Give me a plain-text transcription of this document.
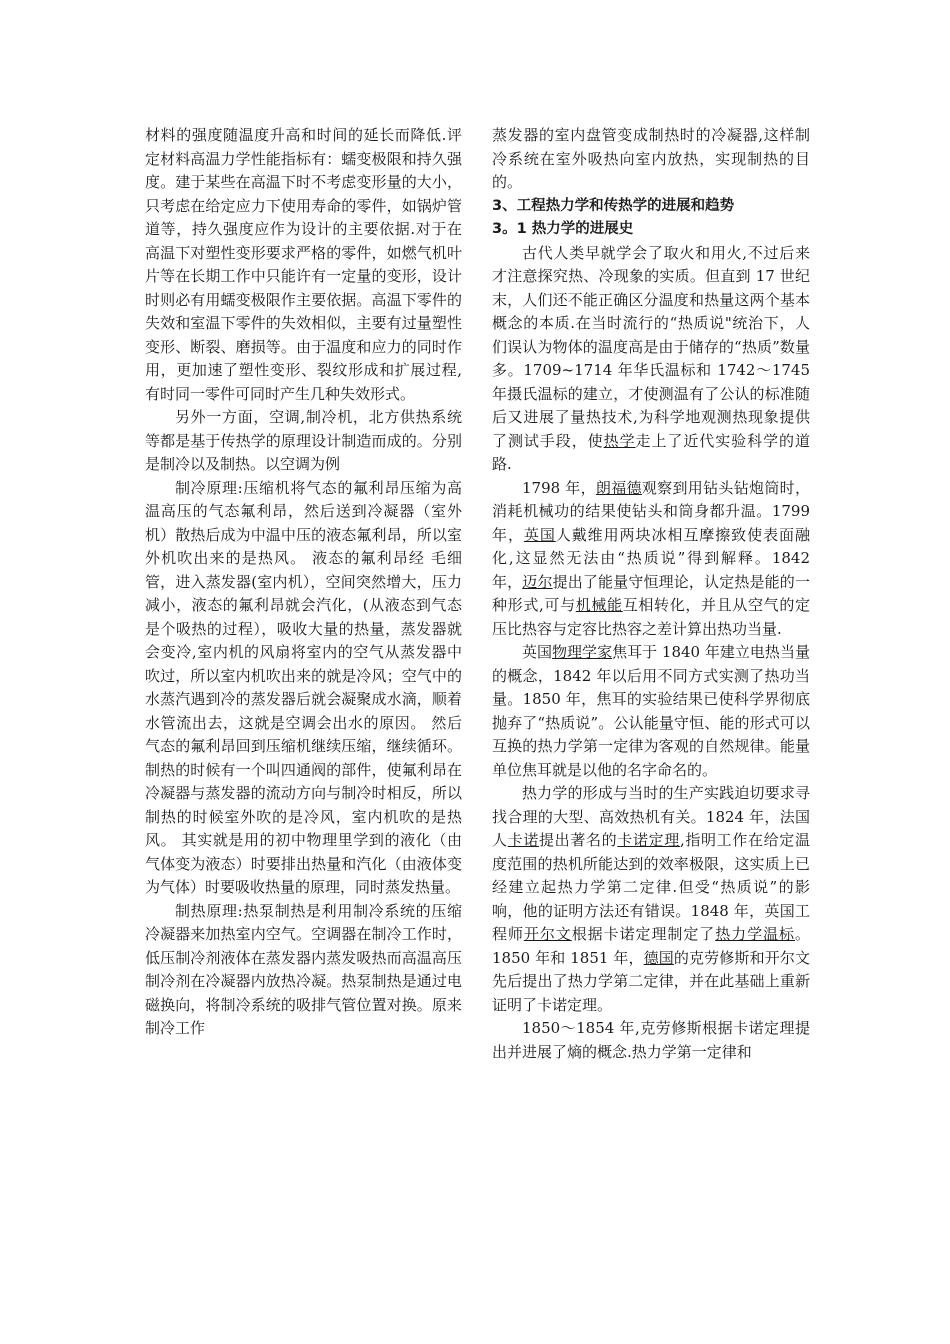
材料的强度随温度升高和时间的延长而降低.评定材料高温力学性能指标有：蠕变极限和持久强度。建于某些在高温下时不考虑变形量的大小，只考虑在给定应力下使用寿命的零件，如锅炉管道等，持久强度应作为设计的主要依据.对于在高温下对塑性变形要求严格的零件，如燃气机叶片等在长期工作中只能许有一定量的变形，设计时则必有用蠕变极限作主要依据。高温下零件的失效和室温下零件的失效相似，主要有过量塑性变形、断裂、磨损等。由于温度和应力的同时作用，更加速了塑性变形、裂纹形成和扩展过程,有时同一零件可同时产生几种失效形式。

另外一方面，空调,制冷机，北方供热系统等都是基于传热学的原理设计制造而成的。分别是制冷以及制热。以空调为例

制冷原理:压缩机将气态的氟利昂压缩为高温高压的气态氟利昂，然后送到冷凝器（室外机）散热后成为中温中压的液态氟利昂，所以室外机吹出来的是热风。 液态的氟利昂经 毛细管，进入蒸发器(室内机），空间突然增大，压力减小，液态的氟利昂就会汽化，(从液态到气态是个吸热的过程），吸收大量的热量，蒸发器就会变冷,室内机的风扇将室内的空气从蒸发器中吹过，所以室内机吹出来的就是冷风；空气中的水蒸汽遇到冷的蒸发器后就会凝聚成水滴，顺着水管流出去，这就是空调会出水的原因。 然后气态的氟利昂回到压缩机继续压缩，继续循环。 制热的时候有一个叫四通阀的部件，使氟利昂在冷凝器与蒸发器的流动方向与制冷时相反，所以制热的时候室外吹的是冷风，室内机吹的是热风。 其实就是用的初中物理里学到的液化（由气体变为液态）时要排出热量和汽化（由液体变为气体）时要吸收热量的原理，同时蒸发热量。

制热原理:热泵制热是利用制冷系统的压缩冷凝器来加热室内空气。空调器在制冷工作时，低压制冷剂液体在蒸发器内蒸发吸热而高温高压制冷剂在冷凝器内放热冷凝。热泵制热是通过电磁换向，将制冷系统的吸排气管位置对换。原来制冷工作

蒸发器的室内盘管变成制热时的冷凝器,这样制冷系统在室外吸热向室内放热，实现制热的目的。

3、工程热力学和传热学的进展和趋势

3。1 热力学的进展史

古代人类早就学会了取火和用火,不过后来才注意探究热、冷现象的实质。但直到 17 世纪末，人们还不能正确区分温度和热量这两个基本概念的本质.在当时流行的“热质说"统治下，人们误认为物体的温度高是由于储存的“热质”数量多。1709~1714 年华氏温标和 1742～1745 年摄氏温标的建立，才使测温有了公认的标准随后又进展了量热技术,为科学地观测热现象提供了测试手段，使热学走上了近代实验科学的道路.

1798 年，朗福德观察到用钻头钻炮筒时，消耗机械功的结果使钻头和筒身都升温。1799 年，英国人戴维用两块冰相互摩擦致使表面融化,这显然无法由“热质说”得到解释。1842 年，迈尔提出了能量守恒理论，认定热是能的一种形式,可与机械能互相转化，并且从空气的定压比热容与定容比热容之差计算出热功当量.

英国物理学家焦耳于 1840 年建立电热当量的概念，1842 年以后用不同方式实测了热功当量。1850 年，焦耳的实验结果已使科学界彻底抛弃了“热质说”。公认能量守恒、能的形式可以互换的热力学第一定律为客观的自然规律。能量单位焦耳就是以他的名字命名的。

热力学的形成与当时的生产实践迫切要求寻找合理的大型、高效热机有关。1824 年，法国人卡诺提出著名的卡诺定理,指明工作在给定温度范围的热机所能达到的效率极限，这实质上已经建立起热力学第二定律.但受“热质说”的影响，他的证明方法还有错误。1848 年，英国工程师开尔文根据卡诺定理制定了热力学温标。1850 年和 1851 年，德国的克劳修斯和开尔文先后提出了热力学第二定律，并在此基础上重新证明了卡诺定理。

1850～1854 年,克劳修斯根据卡诺定理提出并进展了熵的概念.热力学第一定律和
